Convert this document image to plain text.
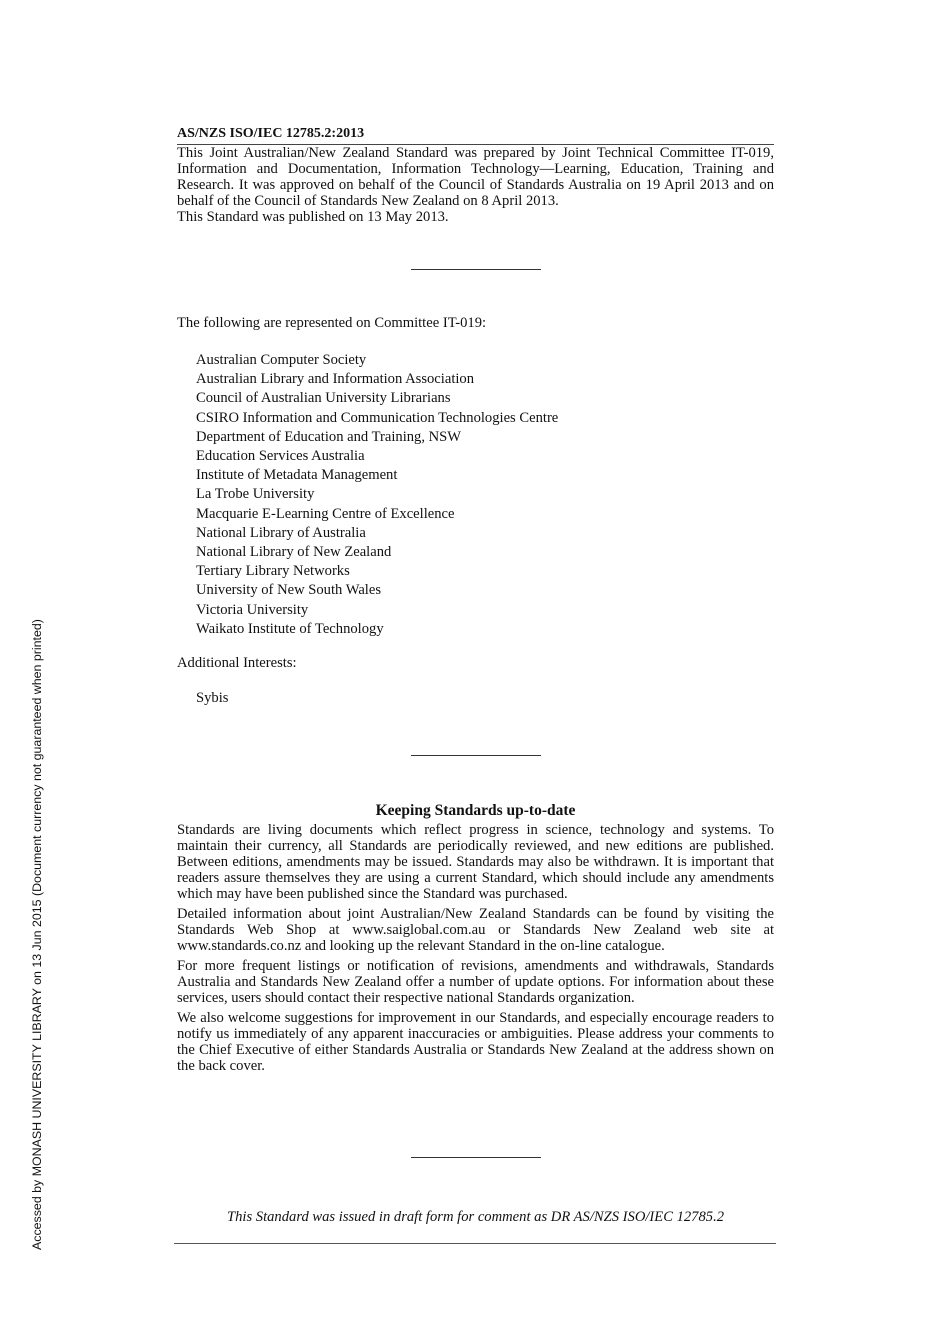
AS/NZS ISO/IEC 12785.2:2013

This Joint Australian/New Zealand Standard was prepared by Joint Technical Committee IT-019, Information and Documentation, Information Technology—Learning, Education, Training and Research. It was approved on behalf of the Council of Standards Australia on 19 April 2013 and on behalf of the Council of Standards New Zealand on 8 April 2013.

This Standard was published on 13 May 2013.

The following are represented on Committee IT-019:
Australian Computer Society
Australian Library and Information Association
Council of Australian University Librarians
CSIRO Information and Communication Technologies Centre
Department of Education and Training, NSW
Education Services Australia
Institute of Metadata Management
La Trobe University
Macquarie E-Learning Centre of Excellence
National Library of Australia
National Library of New Zealand
Tertiary Library Networks
University of New South Wales
Victoria University
Waikato Institute of Technology
Additional Interests:
Sybis
Keeping Standards up-to-date

Standards are living documents which reflect progress in science, technology and systems. To maintain their currency, all Standards are periodically reviewed, and new editions are published. Between editions, amendments may be issued. Standards may also be withdrawn. It is important that readers assure themselves they are using a current Standard, which should include any amendments which may have been published since the Standard was purchased.

Detailed information about joint Australian/New Zealand Standards can be found by visiting the Standards Web Shop at www.saiglobal.com.au or Standards New Zealand web site at www.standards.co.nz and looking up the relevant Standard in the on-line catalogue.

For more frequent listings or notification of revisions, amendments and withdrawals, Standards Australia and Standards New Zealand offer a number of update options. For information about these services, users should contact their respective national Standards organization.

We also welcome suggestions for improvement in our Standards, and especially encourage readers to notify us immediately of any apparent inaccuracies or ambiguities. Please address your comments to the Chief Executive of either Standards Australia or Standards New Zealand at the address shown on the back cover.

This Standard was issued in draft form for comment as DR AS/NZS ISO/IEC 12785.2
Accessed by MONASH UNIVERSITY LIBRARY on 13 Jun 2015 (Document currency not guaranteed when printed)
